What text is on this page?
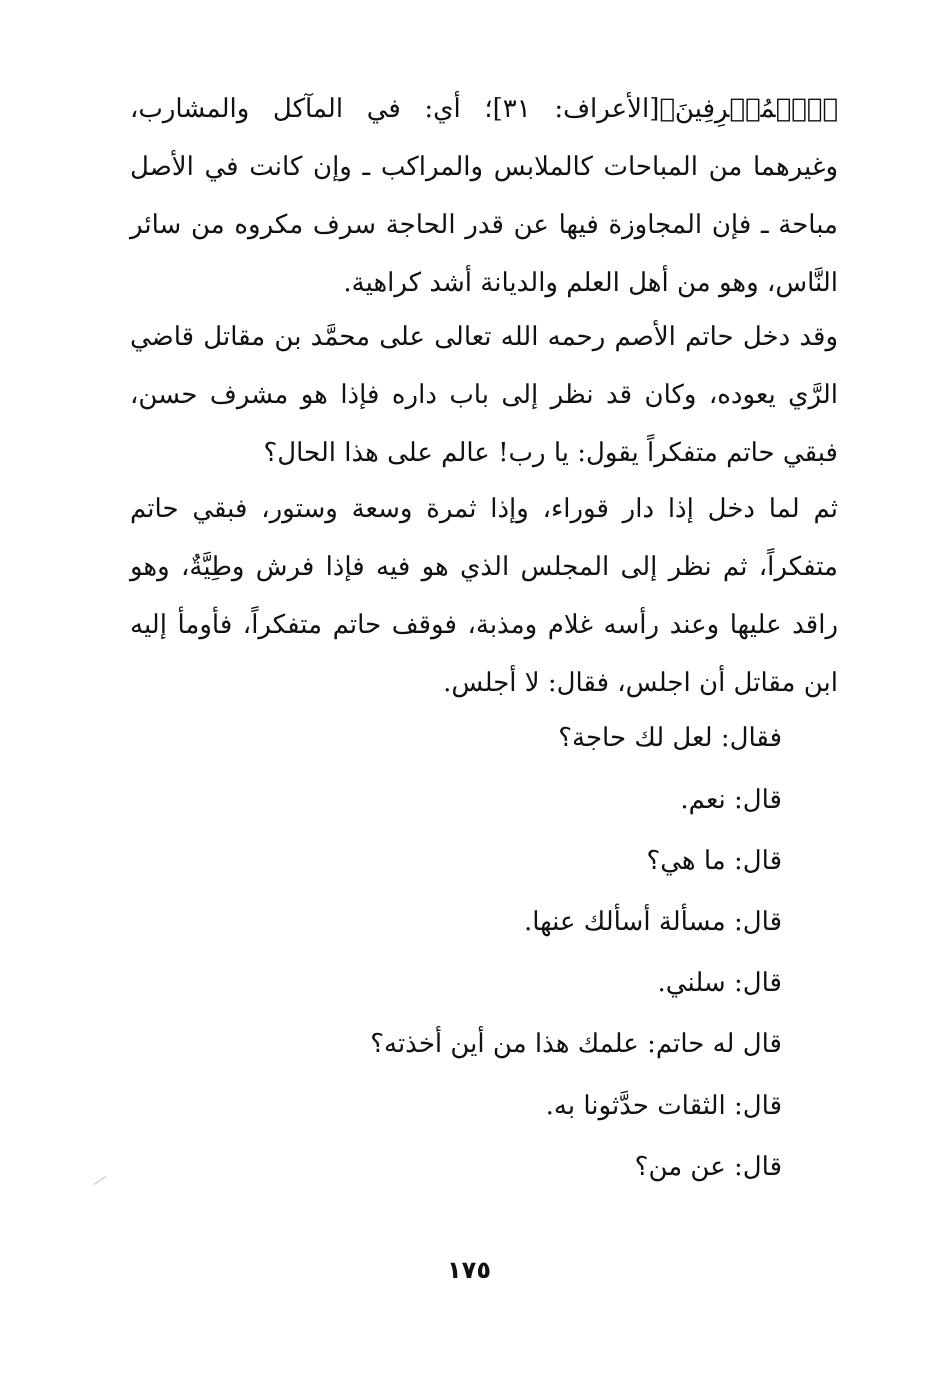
﴿ٱلۡمُسۡرِفِينَ﴾[الأعراف: ٣١]؛ أي: في المآكل والمشارب، وغيرهما من المباحات كالملابس والمراكب ـ وإن كانت في الأصل مباحة ـ فإن المجاوزة فيها عن قدر الحاجة سرف مكروه من سائر النَّاس، وهو من أهل العلم والديانة أشد كراهية.

وقد دخل حاتم الأصم رحمه الله تعالى على محمَّد بن مقاتل قاضي الرَّي يعوده، وكان قد نظر إلى باب داره فإذا هو مشرف حسن، فبقي حاتم متفكراً يقول: يا رب! عالم على هذا الحال؟

ثم لما دخل إذا دار قوراء، وإذا ثمرة وسعة وستور، فبقي حاتم متفكراً، ثم نظر إلى المجلس الذي هو فيه فإذا فرش وطِيَّةٌ، وهو راقد عليها وعند رأسه غلام ومذبة، فوقف حاتم متفكراً، فأومأ إليه ابن مقاتل أن اجلس، فقال: لا أجلس.

فقال: لعل لك حاجة؟

قال: نعم.

قال: ما هي؟

قال: مسألة أسألك عنها.

قال: سلني.

قال له حاتم: علمك هذا من أين أخذته؟

قال: الثقات حدَّثونا به.

قال: عن من؟

١٧٥
